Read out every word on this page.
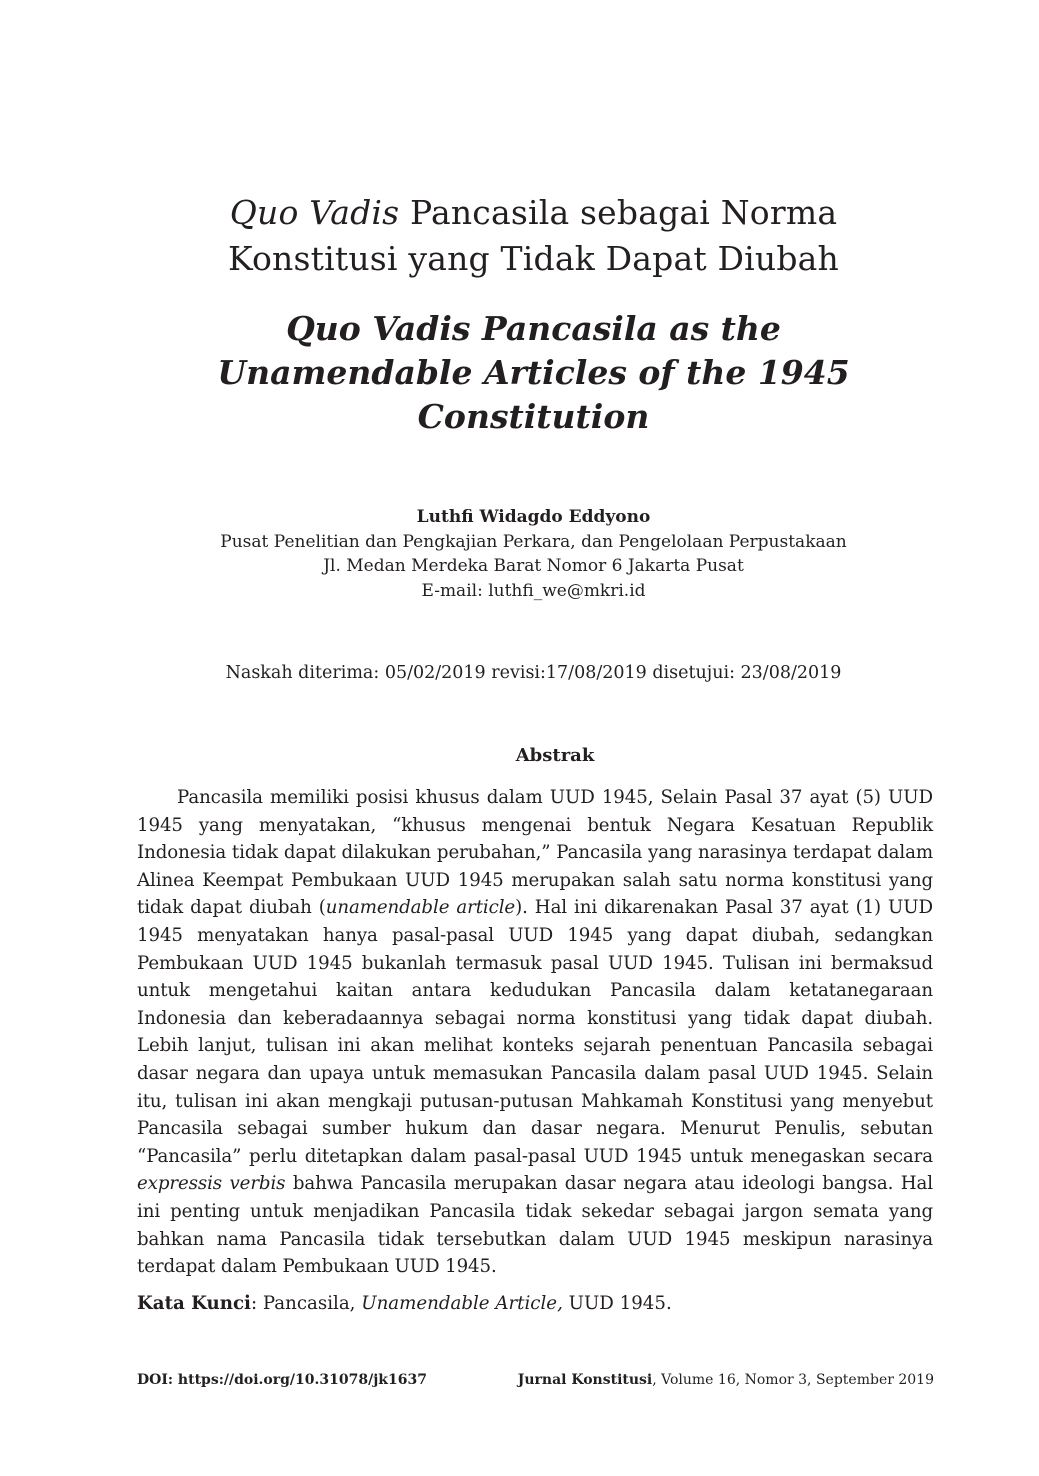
Quo Vadis Pancasila sebagai Norma
Konstitusi yang Tidak Dapat Diubah
Quo Vadis Pancasila as the
Unamendable Articles of the 1945
Constitution
Luthfi Widagdo Eddyono
Pusat Penelitian dan Pengkajian Perkara, dan Pengelolaan Perpustakaan
Jl. Medan Merdeka Barat Nomor 6 Jakarta Pusat
E-mail: luthfi_we@mkri.id
Naskah diterima: 05/02/2019 revisi:17/08/2019 disetujui: 23/08/2019
Abstrak

Pancasila memiliki posisi khusus dalam UUD 1945, Selain Pasal 37 ayat (5) UUD 1945 yang menyatakan, “khusus mengenai bentuk Negara Kesatuan Republik Indonesia tidak dapat dilakukan perubahan,” Pancasila yang narasinya terdapat dalam Alinea Keempat Pembukaan UUD 1945 merupakan salah satu norma konstitusi yang tidak dapat diubah (unamendable article). Hal ini dikarenakan Pasal 37 ayat (1) UUD 1945 menyatakan hanya pasal-pasal UUD 1945 yang dapat diubah, sedangkan Pembukaan UUD 1945 bukanlah termasuk pasal UUD 1945. Tulisan ini bermaksud untuk mengetahui kaitan antara kedudukan Pancasila dalam ketatanegaraan Indonesia dan keberadaannya sebagai norma konstitusi yang tidak dapat diubah. Lebih lanjut, tulisan ini akan melihat konteks sejarah penentuan Pancasila sebagai dasar negara dan upaya untuk memasukan Pancasila dalam pasal UUD 1945. Selain itu, tulisan ini akan mengkaji putusan-putusan Mahkamah Konstitusi yang menyebut Pancasila sebagai sumber hukum dan dasar negara. Menurut Penulis, sebutan “Pancasila” perlu ditetapkan dalam pasal-pasal UUD 1945 untuk menegaskan secara expressis verbis bahwa Pancasila merupakan dasar negara atau ideologi bangsa. Hal ini penting untuk menjadikan Pancasila tidak sekedar sebagai jargon semata yang bahkan nama Pancasila tidak tersebutkan dalam UUD 1945 meskipun narasinya terdapat dalam Pembukaan UUD 1945.

Kata Kunci: Pancasila, Unamendable Article, UUD 1945.
DOI: https://doi.org/10.31078/jk1637	Jurnal Konstitusi, Volume 16, Nomor 3, September 2019
